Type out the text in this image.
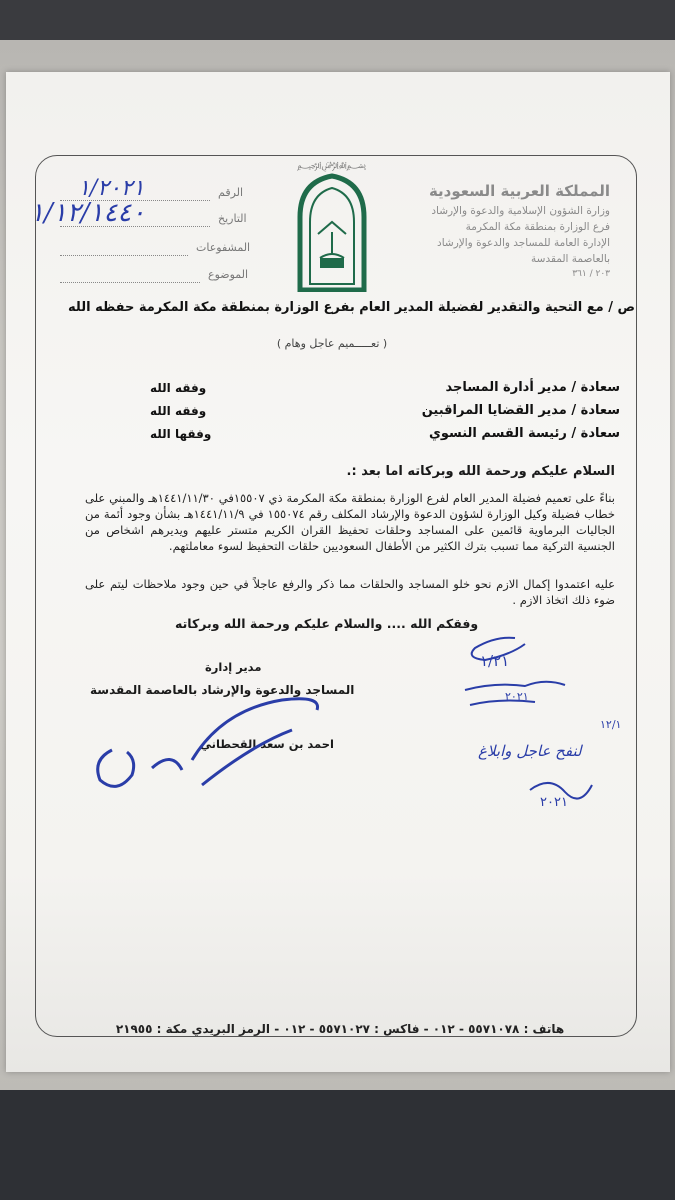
الرقم
١/٢٠٢١
التاريخ
١/١٢/١٤٤٠
المشفوعات
الموضوع
﷽
المملكة العربية السعودية
وزارة الشؤون الإسلامية والدعوة والإرشاد
فرع الوزارة بمنطقة مكة المكرمة
الإدارة العامة للمساجد والدعوة والإرشاد
بالعاصمة المقدسة
٢٠٣ / ٣٦١
ص / مع التحية والتقدير لفضيلة المدير العام بفرع الوزارة بمنطقة مكة المكرمة حفظه الله
( تعـــــميم عاجل وهام )
سعادة / مدير أدارة المساجد
وفقه الله
سعادة / مدير القضايا المراقبين
وفقه الله
سعادة / رئيسة القسم النسوي
وفقها الله
السلام عليكم ورحمة الله وبركاته اما بعد :.
بناءً على تعميم فضيلة المدير العام لفرع الوزارة بمنطقة مكة المكرمة ذي ١٥٥٠٧في ١٤٤١/١١/٣٠هـ والمبني على خطاب فضيلة وكيل الوزارة لشؤون الدعوة والإرشاد المكلف رقم ١٥٥٠٧٤ في ١٤٤١/١١/٩هـ بشأن وجود أئمة من الجاليات البرماوية قائمين على المساجد وحلقات تحفيظ القران الكريم متستر عليهم ويديرهم اشخاص من الجنسية التركية مما تسبب بترك الكثير من الأطفال السعوديين حلقات التحفيظ لسوء معاملتهم.
عليه اعتمدوا إكمال الازم نحو خلو المساجد والحلقات مما ذكر والرفع عاجلاً في حين وجود ملاحظات ليتم على ضوء ذلك اتخاذ الازم .
وفقكم الله .... والسلام عليكم ورحمة الله وبركاته
١/٢١
٢٠٢١
مدير إدارة
المساجد والدعوة والإرشاد بالعاصمة المقدسة
احمد بن سعد القحطاني	لنفح عاجل وابلاغ
١٢/١
٢٠٢١
هاتف : ٥٥٧١٠٧٨ - ٠١٢ - فاكس : ٥٥٧١٠٢٧ - ٠١٢ - الرمز البريدي مكة : ٢١٩٥٥
